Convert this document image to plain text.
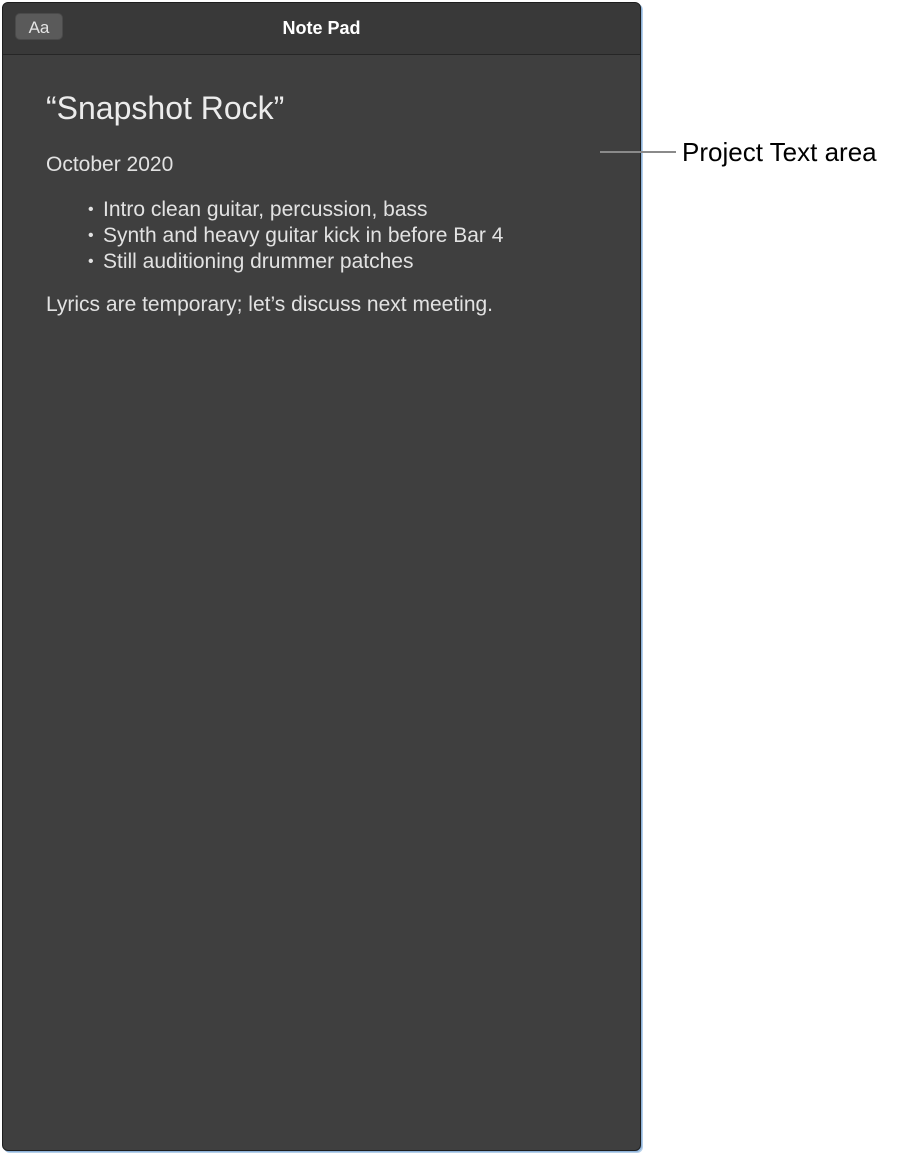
Aa	Note Pad
“Snapshot Rock”
October 2020
• Intro clean guitar, percussion, bass
• Synth and heavy guitar kick in before Bar 4
• Still auditioning drummer patches

Lyrics are temporary; let’s discuss next meeting.

Project Text area
